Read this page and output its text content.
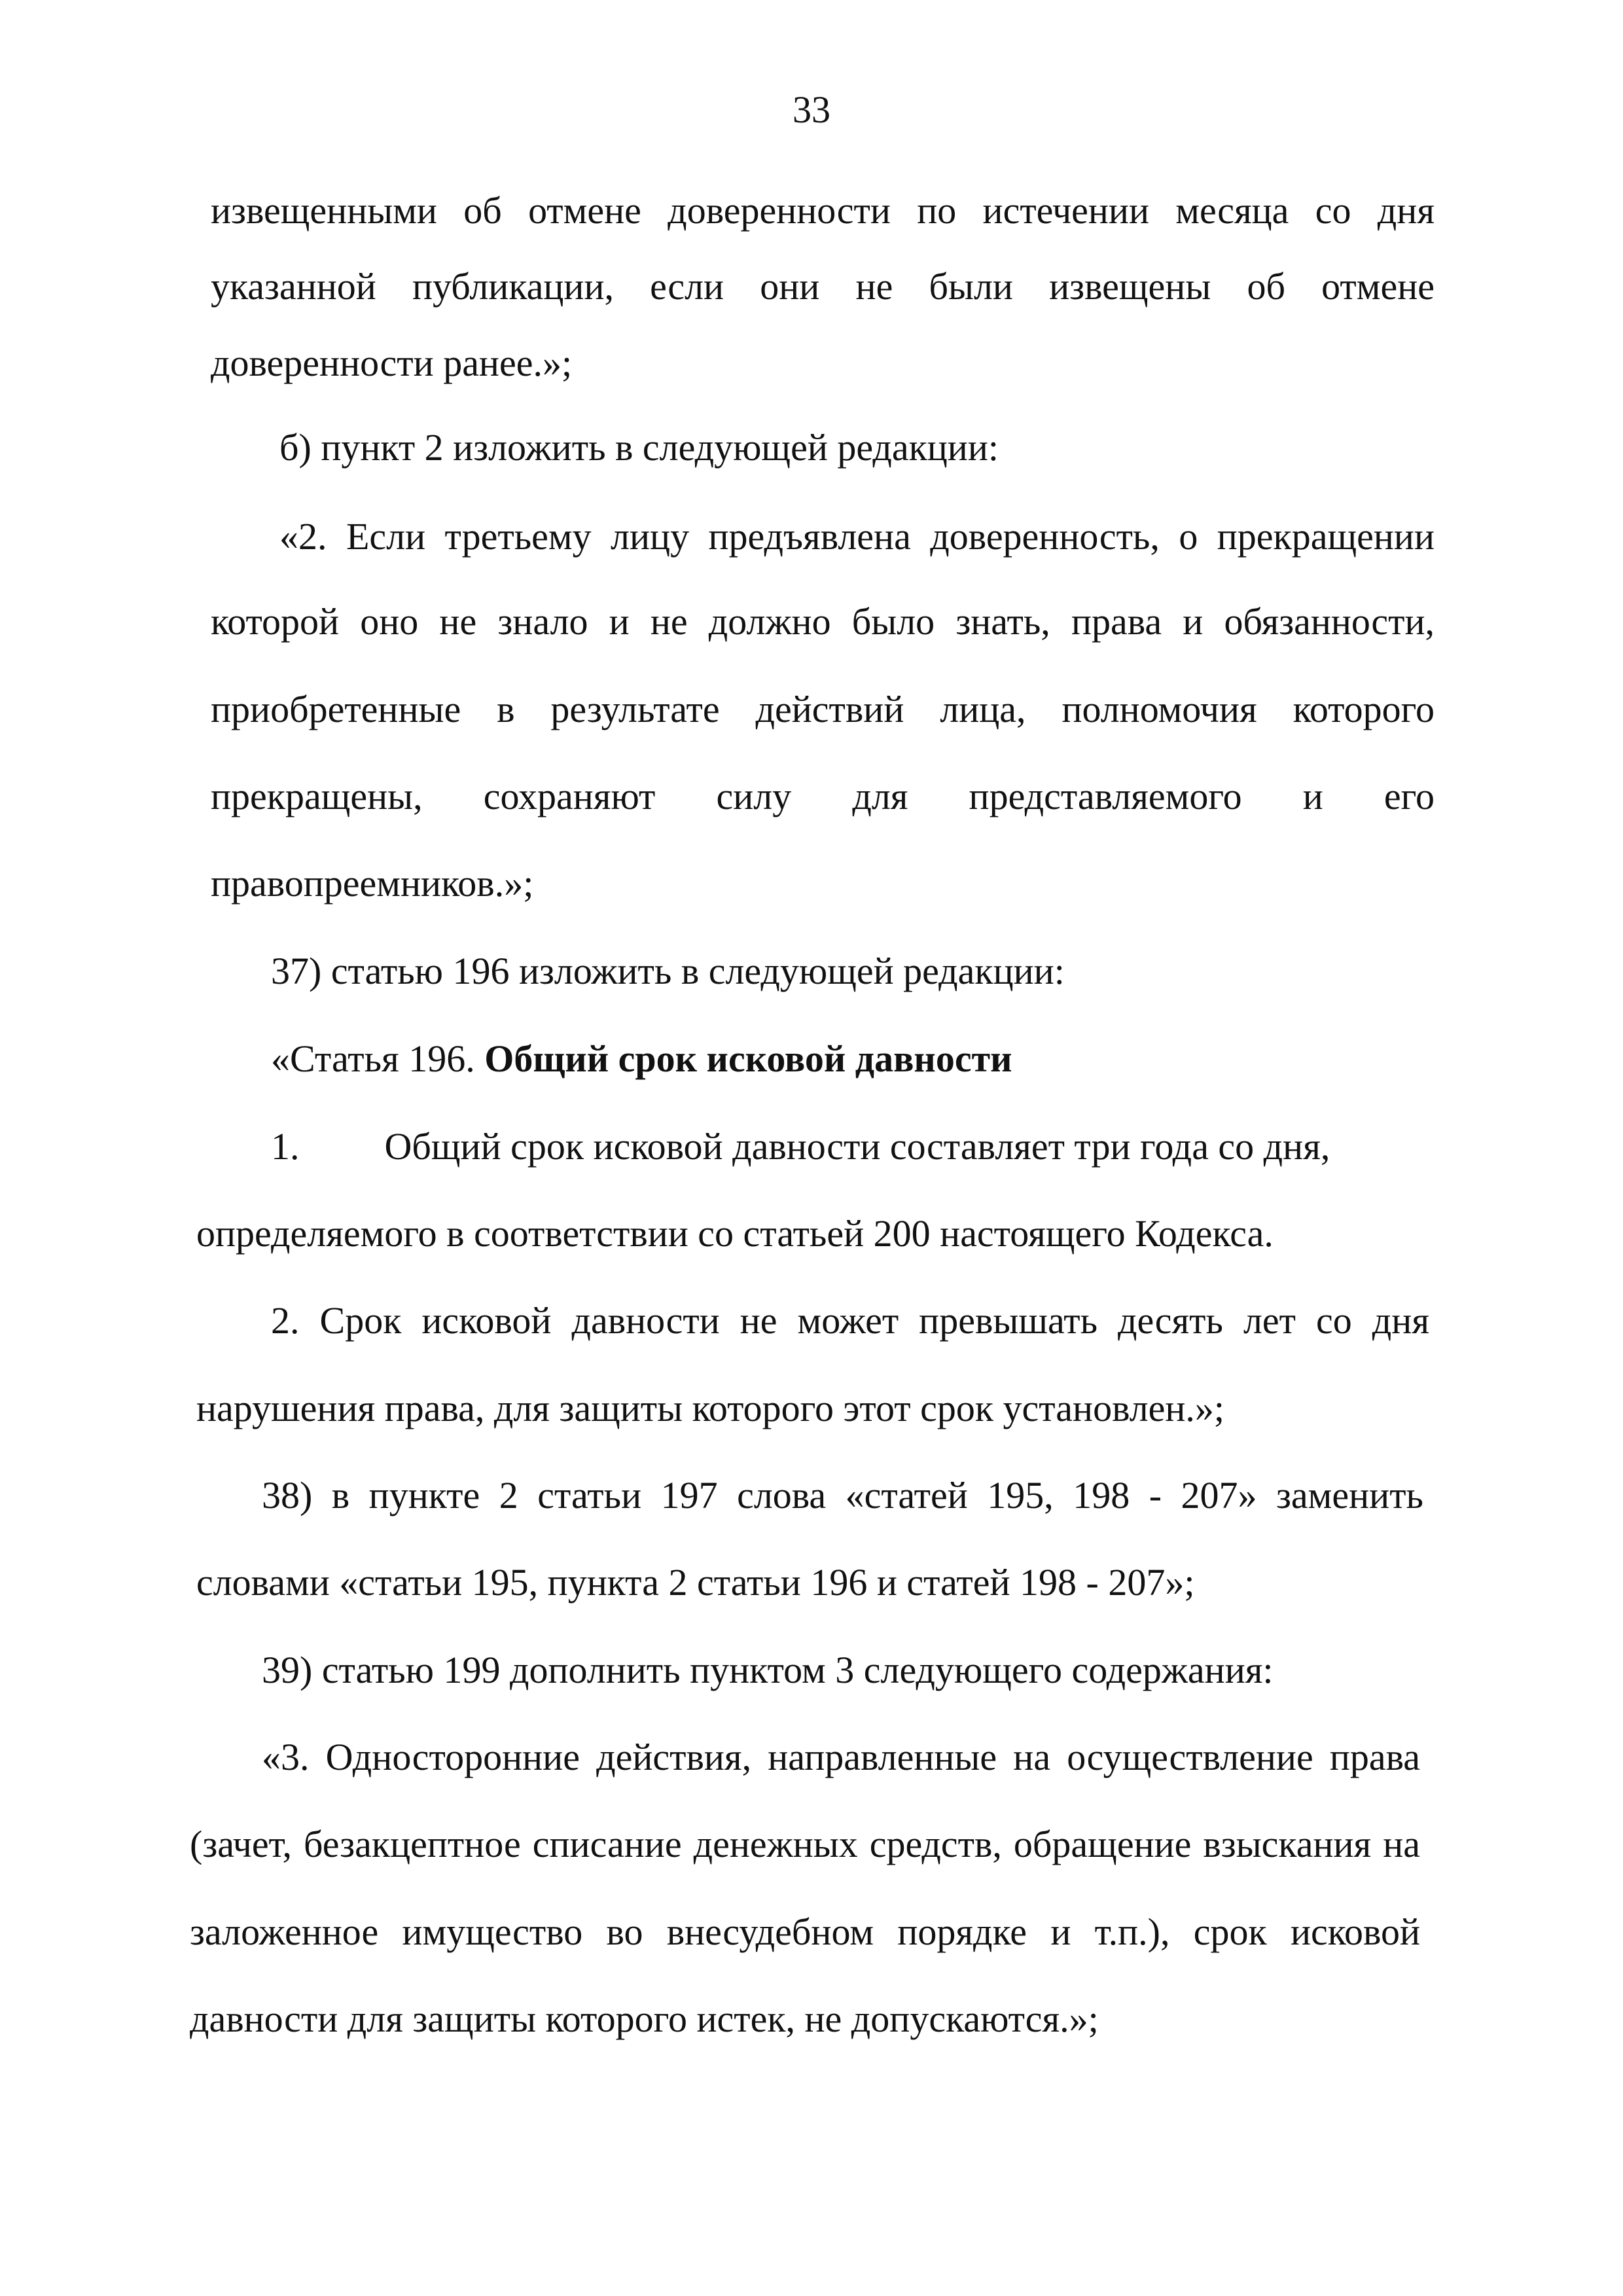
33
извещенными об отмене доверенности по истечении месяца со дня
указанной публикации, если они не были извещены об отмене
доверенности ранее.»;
б) пункт 2 изложить в следующей редакции:
«2. Если третьему лицу предъявлена доверенность, о прекращении
которой оно не знало и не должно было знать, права и обязанности,
приобретенные в результате действий лица, полномочия которого
прекращены, сохраняют силу для представляемого и его
правопреемников.»;
37) статью 196 изложить в следующей редакции:
«Статья 196. Общий срок исковой давности
1. Общий срок исковой давности составляет три года со дня,
определяемого в соответствии со статьей 200 настоящего Кодекса.
2. Срок исковой давности не может превышать десять лет со дня
нарушения права, для защиты которого этот срок установлен.»;
38) в пункте 2 статьи 197 слова «статей 195, 198 - 207» заменить
словами «статьи 195, пункта 2 статьи 196 и статей 198 - 207»;
39) статью 199 дополнить пунктом 3 следующего содержания:
«3. Односторонние действия, направленные на осуществление права
(зачет, безакцептное списание денежных средств, обращение взыскания на
заложенное имущество во внесудебном порядке и т.п.), срок исковой
давности для защиты которого истек, не допускаются.»;
